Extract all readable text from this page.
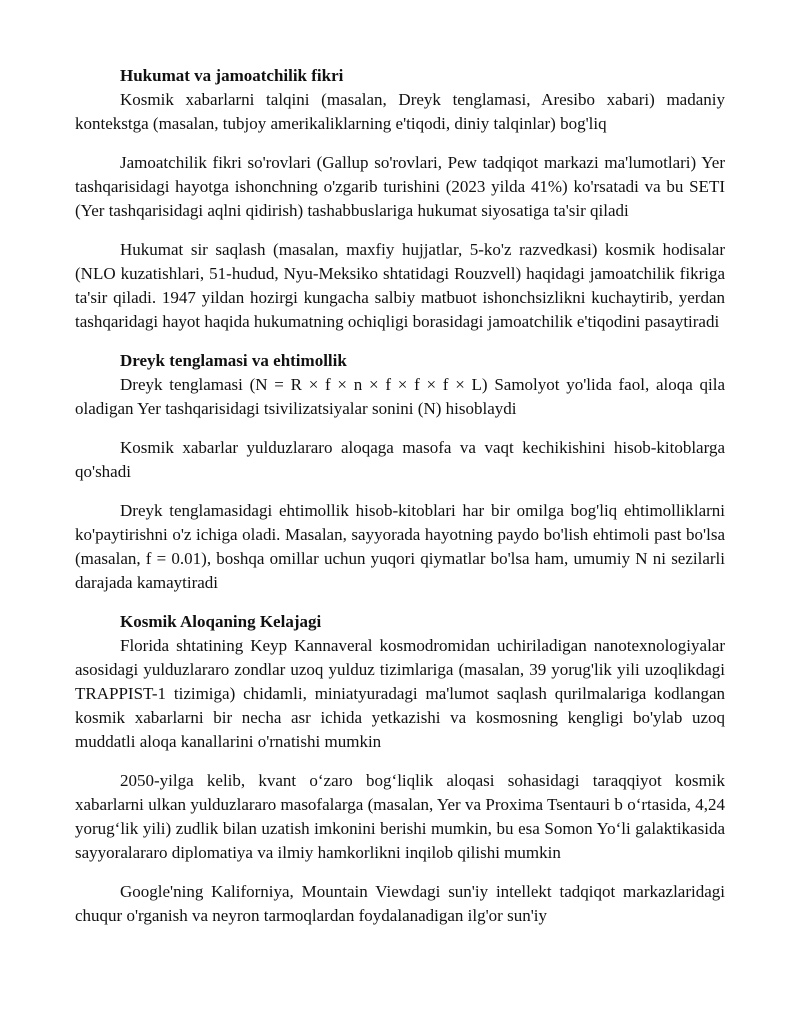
Hukumat va jamoatchilik fikri

Kosmik xabarlarni talqini (masalan, Dreyk tenglamasi, Aresibo xabari) madaniy kontekstga (masalan, tubjoy amerikaliklarning e'tiqodi, diniy talqinlar) bog'liq

Jamoatchilik fikri so'rovlari (Gallup so'rovlari, Pew tadqiqot markazi ma'lumotlari) Yer tashqarisidagi hayotga ishonchning o'zgarib turishini (2023 yilda 41%) ko'rsatadi va bu SETI (Yer tashqarisidagi aqlni qidirish) tashabbuslariga hukumat siyosatiga ta'sir qiladi

Hukumat sir saqlash (masalan, maxfiy hujjatlar, 5-ko'z razvedkasi) kosmik hodisalar (NLO kuzatishlari, 51-hudud, Nyu-Meksiko shtatidagi Rouzvell) haqidagi jamoatchilik fikriga ta'sir qiladi. 1947 yildan hozirgi kungacha salbiy matbuot ishonchsizlikni kuchaytirib, yerdan tashqaridagi hayot haqida hukumatning ochiqligi borasidagi jamoatchilik e'tiqodini pasaytiradi

Dreyk tenglamasi va ehtimollik

Dreyk tenglamasi (N = R × f × n × f × f × f × L) Samolyot yo'lida faol, aloqa qila oladigan Yer tashqarisidagi tsivilizatsiyalar sonini (N) hisoblaydi

Kosmik xabarlar yulduzlararo aloqaga masofa va vaqt kechikishini hisob-kitoblarga qo'shadi

Dreyk tenglamasidagi ehtimollik hisob-kitoblari har bir omilga bog'liq ehtimolliklarni ko'paytirishni o'z ichiga oladi. Masalan, sayyorada hayotning paydo bo'lish ehtimoli past bo'lsa (masalan, f = 0.01), boshqa omillar uchun yuqori qiymatlar bo'lsa ham, umumiy N ni sezilarli darajada kamaytiradi

Kosmik Aloqaning Kelajagi

Florida shtatining Keyp Kannaveral kosmodromidan uchiriladigan nanotexnologiyalar asosidagi yulduzlararo zondlar uzoq yulduz tizimlariga (masalan, 39 yorug'lik yili uzoqlikdagi TRAPPIST-1 tizimiga) chidamli, miniatyuradagi ma'lumot saqlash qurilmalariga kodlangan kosmik xabarlarni bir necha asr ichida yetkazishi va kosmosning kengligi bo'ylab uzoq muddatli aloqa kanallarini o'rnatishi mumkin

2050-yilga kelib, kvant o‘zaro bog‘liqlik aloqasi sohasidagi taraqqiyot kosmik xabarlarni ulkan yulduzlararo masofalarga (masalan, Yer va Proxima Tsentauri b o‘rtasida, 4,24 yorug‘lik yili) zudlik bilan uzatish imkonini berishi mumkin, bu esa Somon Yo‘li galaktikasida sayyoralararo diplomatiya va ilmiy hamkorlikni inqilob qilishi mumkin

Google'ning Kaliforniya, Mountain Viewdagi sun'iy intellekt tadqiqot markazlaridagi chuqur o'rganish va neyron tarmoqlardan foydalanadigan ilg'or sun'iy
